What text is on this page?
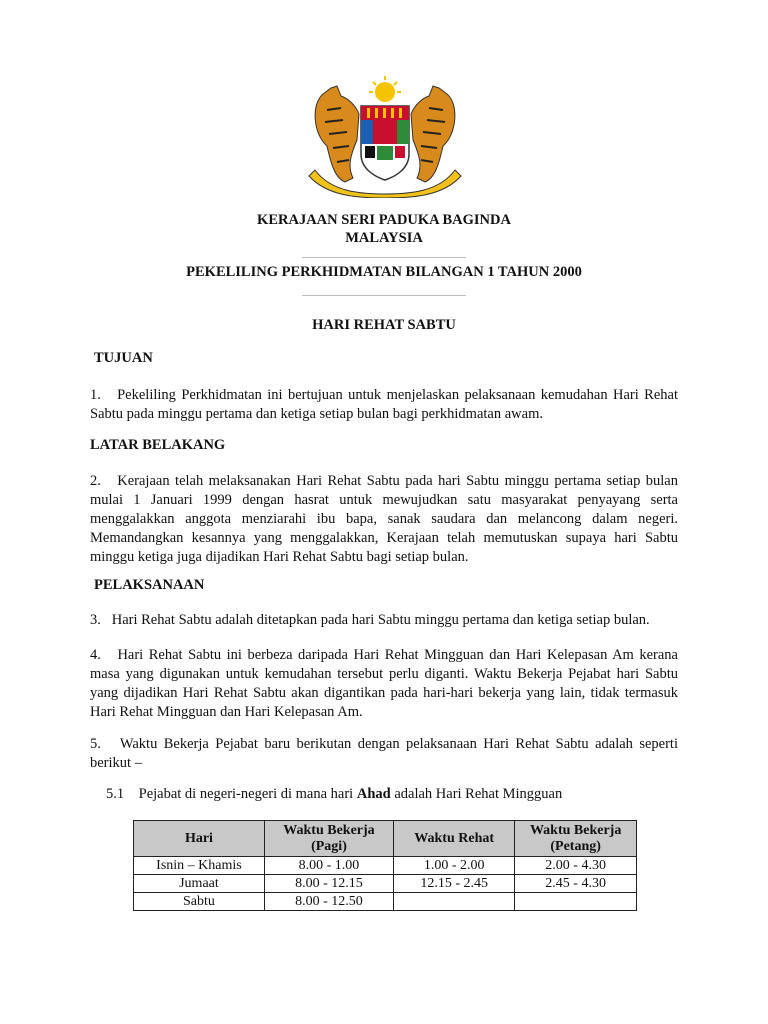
KERAJAAN SERI PADUKA BAGINDA
MALAYSIA
PEKELILING PERKHIDMATAN BILANGAN 1 TAHUN 2000
HARI REHAT SABTU
TUJUAN
1.   Pekeliling Perkhidmatan ini bertujuan untuk menjelaskan pelaksanaan kemudahan Hari Rehat Sabtu pada minggu pertama dan ketiga setiap bulan bagi perkhidmatan awam.
LATAR BELAKANG
2.   Kerajaan telah melaksanakan Hari Rehat Sabtu pada hari Sabtu minggu pertama setiap bulan mulai 1 Januari 1999 dengan hasrat untuk mewujudkan satu masyarakat penyayang serta menggalakkan anggota menziarahi ibu bapa, sanak saudara dan melancong dalam negeri. Memandangkan kesannya yang menggalakkan, Kerajaan telah memutuskan supaya hari Sabtu minggu ketiga juga dijadikan Hari Rehat Sabtu bagi setiap bulan.
PELAKSANAAN
3.   Hari Rehat Sabtu adalah ditetapkan pada hari Sabtu minggu pertama dan ketiga setiap bulan.
4.   Hari Rehat Sabtu ini berbeza daripada Hari Rehat Mingguan dan Hari Kelepasan Am kerana masa yang digunakan untuk kemudahan tersebut perlu diganti. Waktu Bekerja Pejabat hari Sabtu yang dijadikan Hari Rehat Sabtu akan digantikan pada hari-hari bekerja yang lain, tidak termasuk Hari Rehat Mingguan dan Hari Kelepasan Am.
5.   Waktu Bekerja Pejabat baru berikutan dengan pelaksanaan Hari Rehat Sabtu adalah seperti berikut –
5.1 Pejabat di negeri-negeri di mana hari Ahad adalah Hari Rehat Mingguan
Hari	Waktu Bekerja (Pagi)	Waktu Rehat	Waktu Bekerja (Petang)
Isnin – Khamis	8.00 - 1.00	1.00 - 2.00	2.00 - 4.30
Jumaat	8.00 - 12.15	12.15 - 2.45	2.45 - 4.30
Sabtu	8.00 - 12.50		
